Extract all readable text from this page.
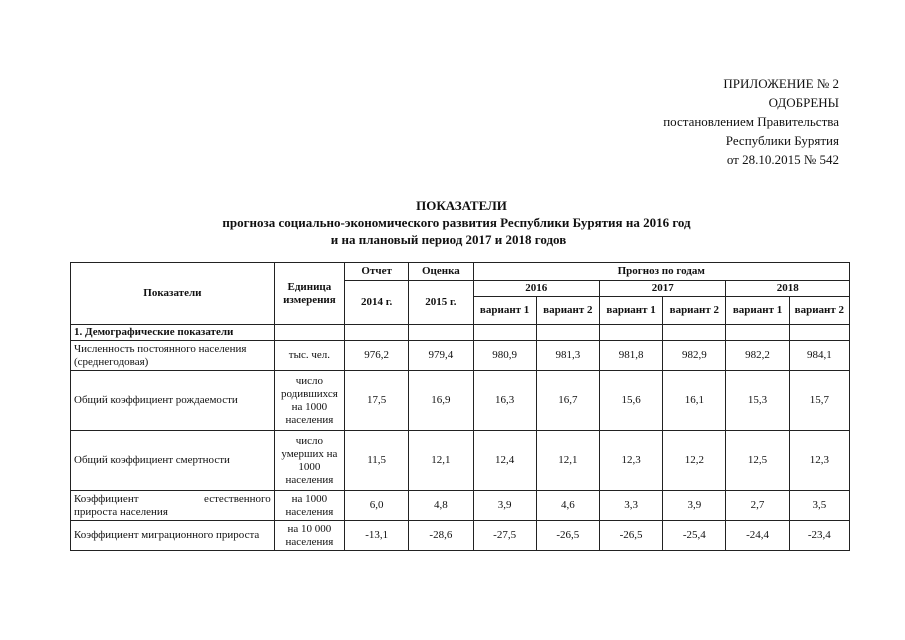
ПРИЛОЖЕНИЕ № 2
ОДОБРЕНЫ
постановлением Правительства
Республики Бурятия
от 28.10.2015 № 542
ПОКАЗАТЕЛИ
прогноза социально-экономического развития Республики Бурятия на 2016 год
и на плановый период 2017 и 2018 годов
Показатели	Единица измерения	Отчет	Оценка	Прогноз по годам					
		2014 г.	2015 г.	2016		2017		2018	
				вариант 1	вариант 2	вариант 1	вариант 2	вариант 1	вариант 2
1. Демографические показатели									
Численность постоянного населения (среднегодовая)	тыс. чел.	976,2	979,4	980,9	981,3	981,8	982,9	982,2	984,1
Общий коэффициент рождаемости	число родившихся на 1000 населения	17,5	16,9	16,3	16,7	15,6	16,1	15,3	15,7
Общий коэффициент смертности	число умерших на 1000 населения	11,5	12,1	12,4	12,1	12,3	12,2	12,5	12,3

Коэффициент естественного
прироста населения	на 1000 населения	6,0	4,8	3,9	4,6	3,3	3,9	2,7	3,5
Коэффициент миграционного прироста	на 10 000 населения	-13,1	-28,6	-27,5	-26,5	-26,5	-25,4	-24,4	-23,4
